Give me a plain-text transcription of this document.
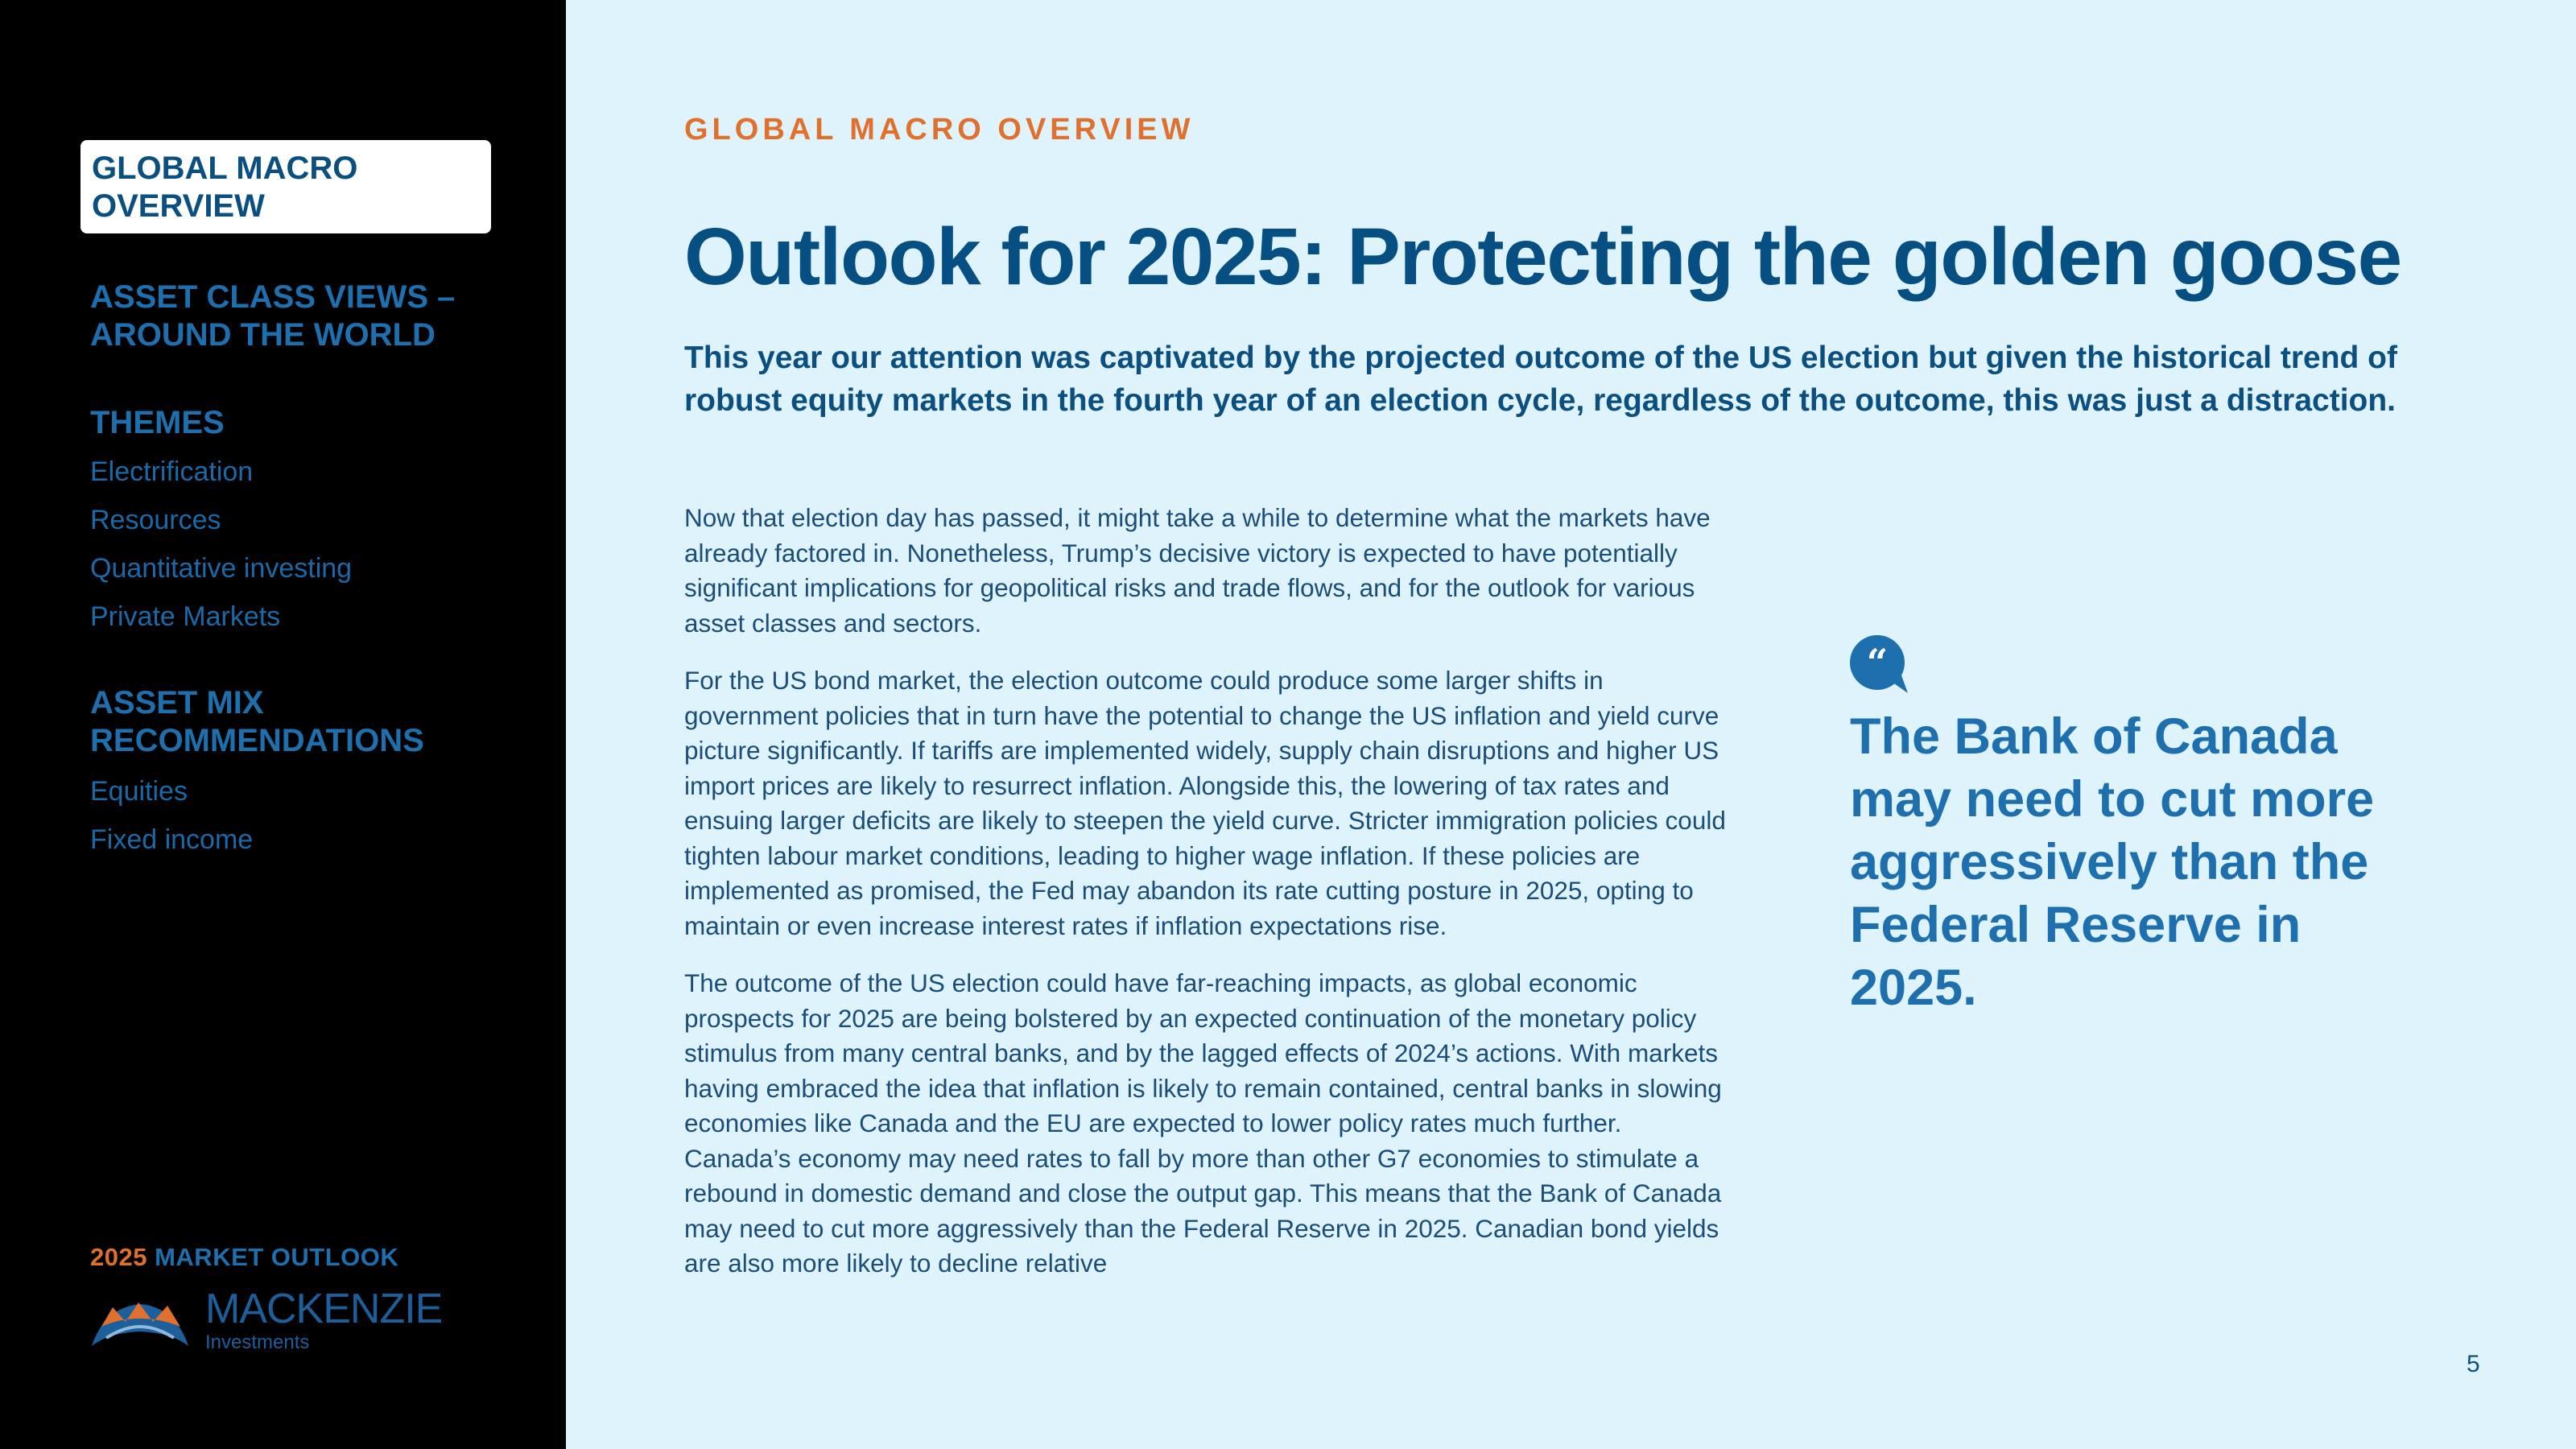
GLOBAL MACRO OVERVIEW
ASSET CLASS VIEWS – AROUND THE WORLD
THEMES
Electrification
Resources
Quantitative investing
Private Markets
ASSET MIX RECOMMENDATIONS
Equities
Fixed income
2025 MARKET OUTLOOK
MACKENZIE
Investments
GLOBAL MACRO OVERVIEW
Outlook for 2025: Protecting the golden goose
This year our attention was captivated by the projected outcome of the US election but given the historical trend of robust equity markets in the fourth year of an election cycle, regardless of the outcome, this was just a distraction.

Now that election day has passed, it might take a while to determine what the markets have already factored in. Nonetheless, Trump’s decisive victory is expected to have potentially significant implications for geopolitical risks and trade flows, and for the outlook for various asset classes and sectors.

For the US bond market, the election outcome could produce some larger shifts in government policies that in turn have the potential to change the US inflation and yield curve picture significantly. If tariffs are implemented widely, supply chain disruptions and higher US import prices are likely to resurrect inflation. Alongside this, the lowering of tax rates and ensuing larger deficits are likely to steepen the yield curve. Stricter immigration policies could tighten labour market conditions, leading to higher wage inflation. If these policies are implemented as promised, the Fed may abandon its rate cutting posture in 2025, opting to maintain or even increase interest rates if inflation expectations rise.

The outcome of the US election could have far-reaching impacts, as global economic prospects for 2025 are being bolstered by an expected continuation of the monetary policy stimulus from many central banks, and by the lagged effects of 2024’s actions. With markets having embraced the idea that inflation is likely to remain contained, central banks in slowing economies like Canada and the EU are expected to lower policy rates much further. Canada’s economy may need rates to fall by more than other G7 economies to stimulate a rebound in domestic demand and close the output gap. This means that the Bank of Canada may need to cut more aggressively than the Federal Reserve in 2025. Canadian bond yields are also more likely to decline relative

“
The Bank of Canada may need to cut more aggressively than the Federal Reserve in 2025.
5
